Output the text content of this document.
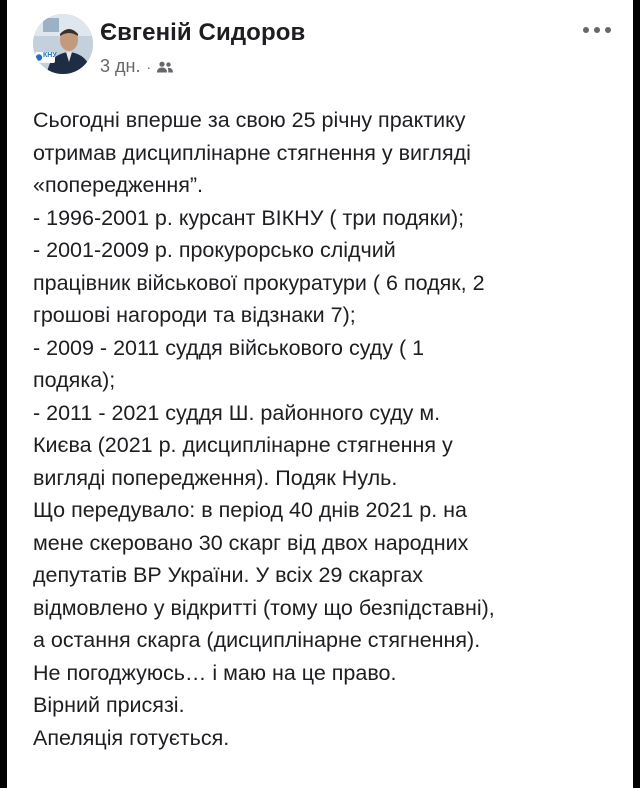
КНУ
Євгеній Сидоров
3 дн. ·
Сьогодні вперше за свою 25 річну практику
отримав дисциплінарне стягнення у вигляді
«попередження”.
- 1996-2001 р. курсант ВІКНУ ( три подяки);
- 2001-2009 р. прокурорсько слідчий
працівник військової прокуратури ( 6 подяк, 2
грошові нагороди та відзнаки 7);
- 2009 - 2011 суддя військового суду ( 1
подяка);
- 2011 - 2021 суддя Ш. районного суду м.
Києва (2021 р. дисциплінарне стягнення у
вигляді попередження). Подяк Нуль.
Що передувало: в період 40 днів 2021 р. на
мене скеровано 30 скарг від двох народних
депутатів ВР України. У всіх 29 скаргах
відмовлено у відкритті (тому що безпідставні),
а остання скарга (дисциплінарне стягнення).
Не погоджуюсь… і маю на це право.
Вірний присязі.
Апеляція готується.
